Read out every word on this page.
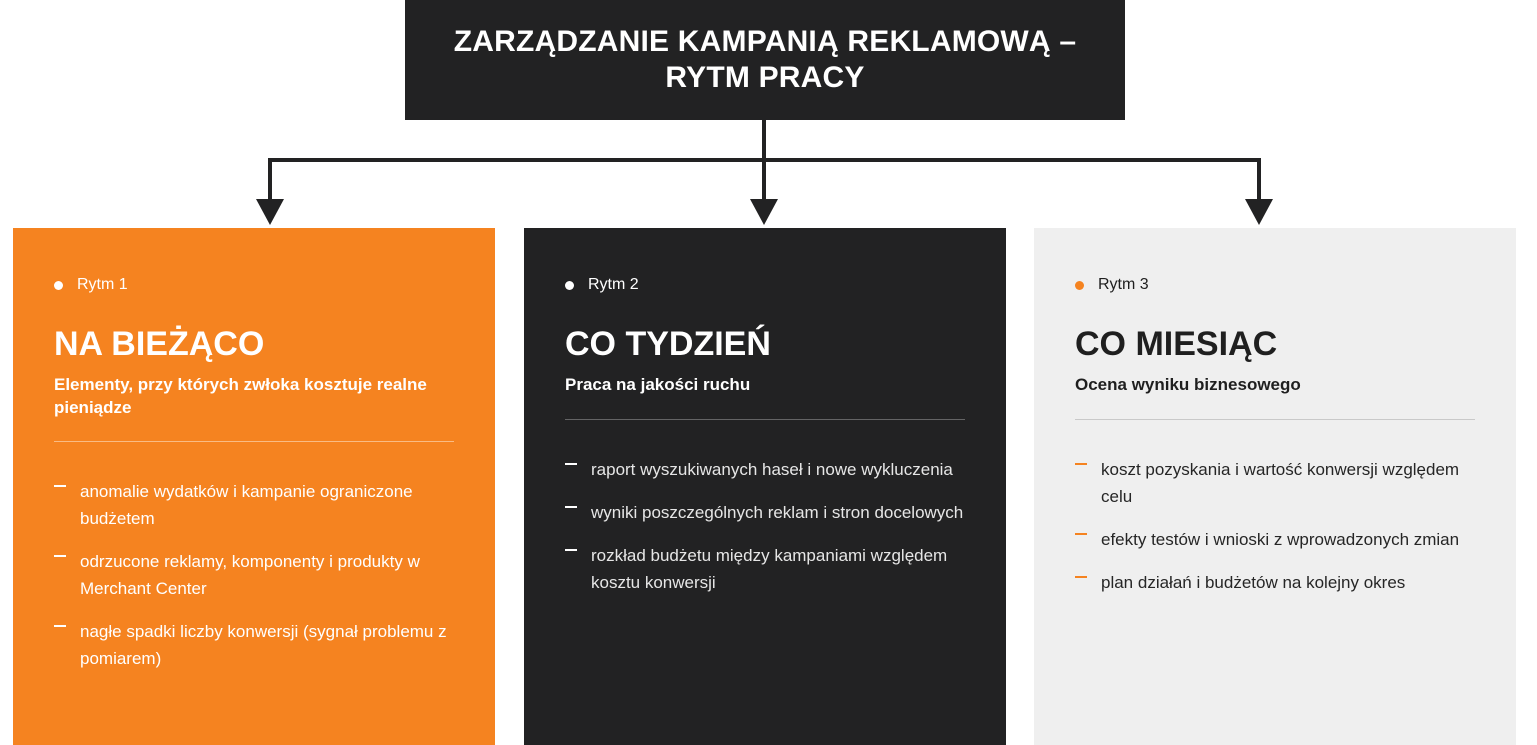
ZARZĄDZANIE KAMPANIĄ REKLAMOWĄ –
RYTM PRACY
Rytm 1
NA BIEŻĄCO
Elementy, przy których zwłoka kosztuje realne pieniądze
anomalie wydatków i kampanie ograniczone budżetem
odrzucone reklamy, komponenty i produkty w Merchant Center
nagłe spadki liczby konwersji (sygnał problemu z pomiarem)
Rytm 2
CO TYDZIEŃ
Praca na jakości ruchu
raport wyszukiwanych haseł i nowe wykluczenia
wyniki poszczególnych reklam i stron docelowych
rozkład budżetu między kampaniami względem kosztu konwersji
Rytm 3
CO MIESIĄC
Ocena wyniku biznesowego
koszt pozyskania i wartość konwersji względem celu
efekty testów i wnioski z wprowadzonych zmian
plan działań i budżetów na kolejny okres
